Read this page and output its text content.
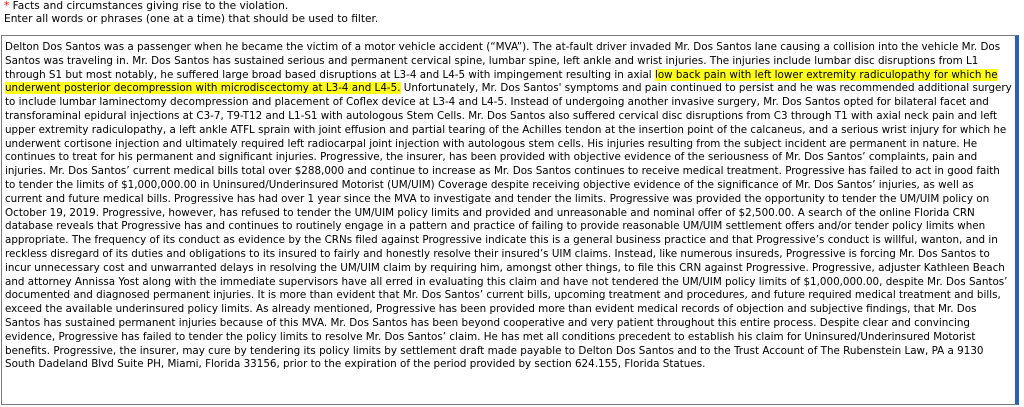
* Facts and circumstances giving rise to the violation.
Enter all words or phrases (one at a time) that should be used to filter.
Delton Dos Santos was a passenger when he became the victim of a motor vehicle accident (“MVA”). The at-fault driver invaded Mr. Dos Santos lane causing a collision into the vehicle Mr. Dos Santos was traveling in. Mr. Dos Santos has sustained serious and permanent cervical spine, lumbar spine, left ankle and wrist injuries. The injuries include lumbar disc disruptions from L1 through S1 but most notably, he suffered large broad based disruptions at L3-4 and L4-5 with impingement resulting in axial low back pain with left lower extremity radiculopathy for which he underwent posterior decompression with microdiscectomy at L3-4 and L4-5. Unfortunately, Mr. Dos Santos' symptoms and pain continued to persist and he was recommended additional surgery to include lumbar laminectomy decompression and placement of Coflex device at L3-4 and L4-5. Instead of undergoing another invasive surgery, Mr. Dos Santos opted for bilateral facet and transforaminal epidural injections at C3-7, T9-T12 and L1-S1 with autologous Stem Cells. Mr. Dos Santos also suffered cervical disc disruptions from C3 through T1 with axial neck pain and left upper extremity radiculopathy, a left ankle ATFL sprain with joint effusion and partial tearing of the Achilles tendon at the insertion point of the calcaneus, and a serious wrist injury for which he underwent cortisone injection and ultimately required left radiocarpal joint injection with autologous stem cells. His injuries resulting from the subject incident are permanent in nature. He continues to treat for his permanent and significant injuries. Progressive, the insurer, has been provided with objective evidence of the seriousness of Mr. Dos Santos’ complaints, pain and injuries. Mr. Dos Santos’ current medical bills total over $288,000 and continue to increase as Mr. Dos Santos continues to receive medical treatment. Progressive has failed to act in good faith to tender the limits of $1,000,000.00 in Uninsured/Underinsured Motorist (UM/UIM) Coverage despite receiving objective evidence of the significance of Mr. Dos Santos’ injuries, as well as current and future medical bills. Progressive has had over 1 year since the MVA to investigate and tender the limits. Progressive was provided the opportunity to tender the UM/UIM policy on October 19, 2019. Progressive, however, has refused to tender the UM/UIM policy limits and provided and unreasonable and nominal offer of $2,500.00. A search of the online Florida CRN database reveals that Progressive has and continues to routinely engage in a pattern and practice of failing to provide reasonable UM/UIM settlement offers and/or tender policy limits when appropriate. The frequency of its conduct as evidence by the CRNs filed against Progressive indicate this is a general business practice and that Progressive’s conduct is willful, wanton, and in reckless disregard of its duties and obligations to its insured to fairly and honestly resolve their insured’s UIM claims. Instead, like numerous insureds, Progressive is forcing Mr. Dos Santos to incur unnecessary cost and unwarranted delays in resolving the UM/UIM claim by requiring him, amongst other things, to file this CRN against Progressive. Progressive, adjuster Kathleen Beach and attorney Annissa Yost along with the immediate supervisors have all erred in evaluating this claim and have not tendered the UM/UIM policy limits of $1,000,000.00, despite Mr. Dos Santos’ documented and diagnosed permanent injuries. It is more than evident that Mr. Dos Santos’ current bills, upcoming treatment and procedures, and future required medical treatment and bills, exceed the available underinsured policy limits. As already mentioned, Progressive has been provided more than evident medical records of objection and subjective findings, that Mr. Dos Santos has sustained permanent injuries because of this MVA. Mr. Dos Santos has been beyond cooperative and very patient throughout this entire process. Despite clear and convincing evidence, Progressive has failed to tender the policy limits to resolve Mr. Dos Santos’ claim. He has met all conditions precedent to establish his claim for Uninsured/Underinsured Motorist benefits. Progressive, the insurer, may cure by tendering its policy limits by settlement draft made payable to Delton Dos Santos and to the Trust Account of The Rubenstein Law, PA a 9130 South Dadeland Blvd Suite PH, Miami, Florida 33156, prior to the expiration of the period provided by section 624.155, Florida Statues.
